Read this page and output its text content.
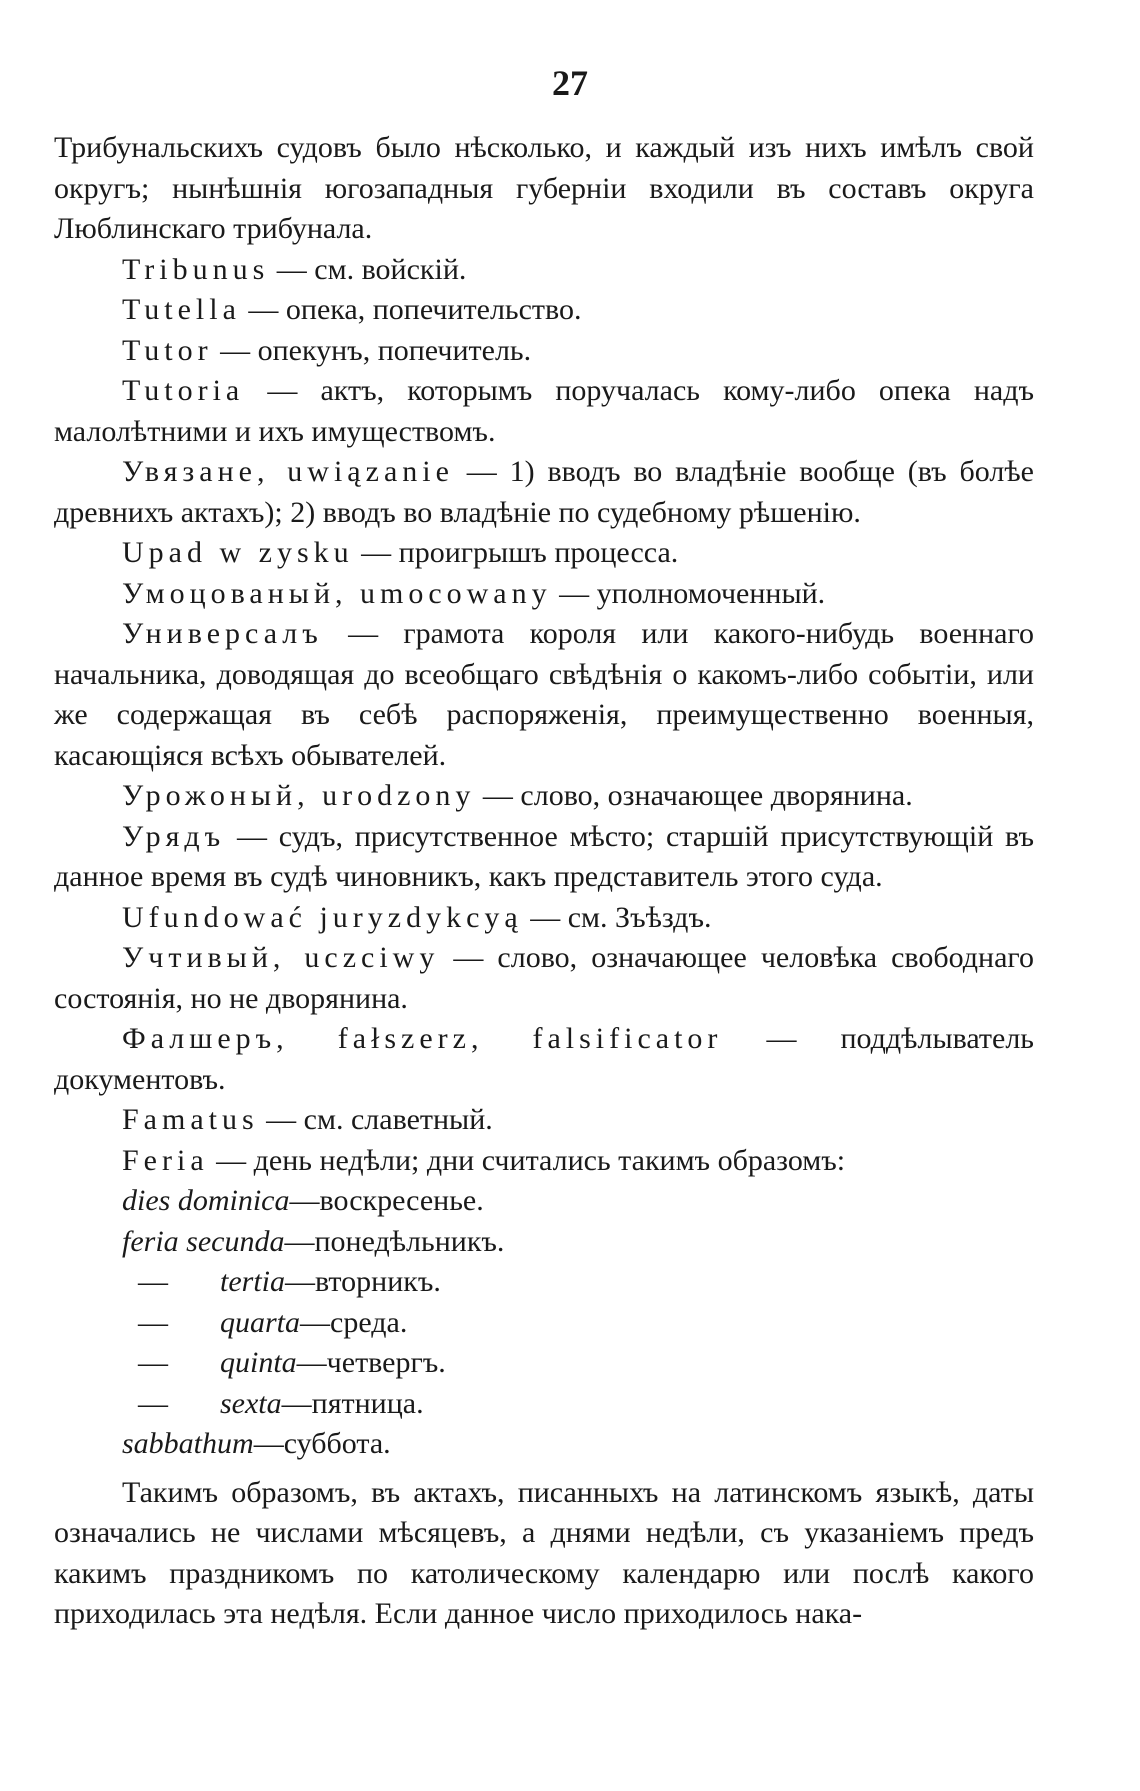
27

Трибунальскихъ судовъ было нѣсколько, и каждый изъ нихъ имѣлъ свой округъ; нынѣшнія югозападныя губерніи входили въ составъ округа Люблинскаго трибунала.

Tribunus — см. войскій.

Tutella — опека, попечительство.

Tutor — опекунъ, попечитель.

Tutoria — актъ, которымъ поручалась кому-либо опека надъ малолѣтними и ихъ имуществомъ.

Увязане, uwiązanie — 1) вводъ во владѣніе вообще (въ болѣе древнихъ актахъ); 2) вводъ во владѣніе по судебному рѣшенію.

Upad w zysku — проигрышъ процесса.

Умоцованый, umocowany — уполномоченный.

Универсалъ — грамота короля или какого-нибудь военнаго начальника, доводящая до всеобщаго свѣдѣнія о какомъ-либо событіи, или же содержащая въ себѣ распоряженія, преимущественно военныя, касающіяся всѣхъ обывателей.

Урожоный, urodzony — слово, означающее дворянина.

Урядъ — судъ, присутственное мѣсто; старшій присутствующій въ данное время въ судѣ чиновникъ, какъ представитель этого суда.

Ufundować juryzdykcyą — см. Зъѣздъ.

Учтивый, uczciwy — слово, означающее человѣка свободнаго состоянія, но не дворянина.

Фалшеръ, fałszerz, falsificator — поддѣлыватель документовъ.

Famatus — см. славетный.

Feria — день недѣли; дни считались такимъ образомъ:

dies dominica—воскресенье.

feria secunda—понедѣльникъ.

— tertia—вторникъ.

— quarta—среда.

— quinta—четвергъ.

— sexta—пятница.

sabbathum—суббота.

Такимъ образомъ, въ актахъ, писанныхъ на латинскомъ языкѣ, даты означались не числами мѣсяцевъ, а днями недѣли, съ указаніемъ предъ какимъ праздникомъ по католическому календарю или послѣ какого приходилась эта недѣля. Если данное число приходилось нака-
